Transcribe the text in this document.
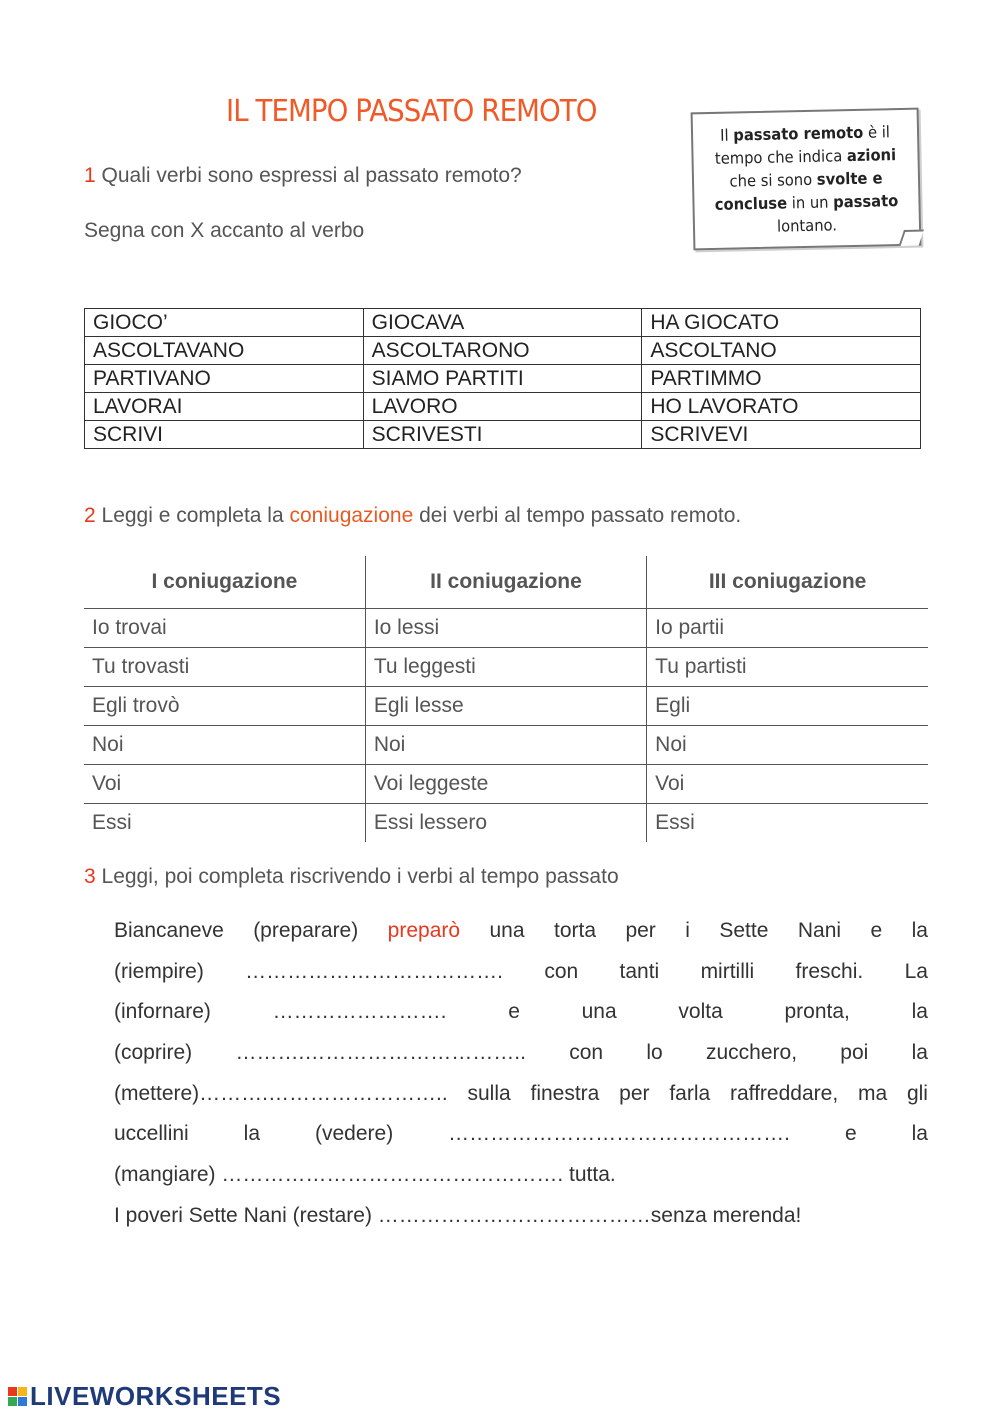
IL TEMPO PASSATO REMOTO
Il passato remoto è il tempo che indica azioni che si sono svolte e concluse in un passato lontano.
1 Quali verbi sono espressi al passato remoto?
Segna con X accanto al verbo
GIOCO’	GIOCAVA	HA GIOCATO
ASCOLTAVANO	ASCOLTARONO	ASCOLTANO
PARTIVANO	SIAMO PARTITI	PARTIMMO
LAVORAI	LAVORO	HO LAVORATO
SCRIVI	SCRIVESTI	SCRIVEVI
2 Leggi e completa la coniugazione dei verbi al tempo passato remoto.
I coniugazione	II coniugazione	III coniugazione
Io trovai	Io lessi	Io partii
Tu trovasti	Tu leggesti	Tu partisti
Egli trovò	Egli lesse	Egli
Noi	Noi	Noi
Voi	Voi leggeste	Voi
Essi	Essi lessero	Essi
3 Leggi, poi completa riscrivendo i verbi al tempo passato
Biancaneve (preparare) preparò una torta per i Sette Nani e la
(riempire) ………………………………. con tanti mirtilli freschi. La
(infornare)	…………………….	e	una	volta	pronta,	la
(coprire) ……….………………………….. con lo zucchero, poi la
(mettere)……….…………………….. sulla finestra per farla raffreddare, ma gli
uccellini	la	(vedere)	………………………………………….	e	la
(mangiare) …………………………………………. tutta.
I poveri Sette Nani (restare) …………………………………senza merenda!
LIVEWORKSHEETS
